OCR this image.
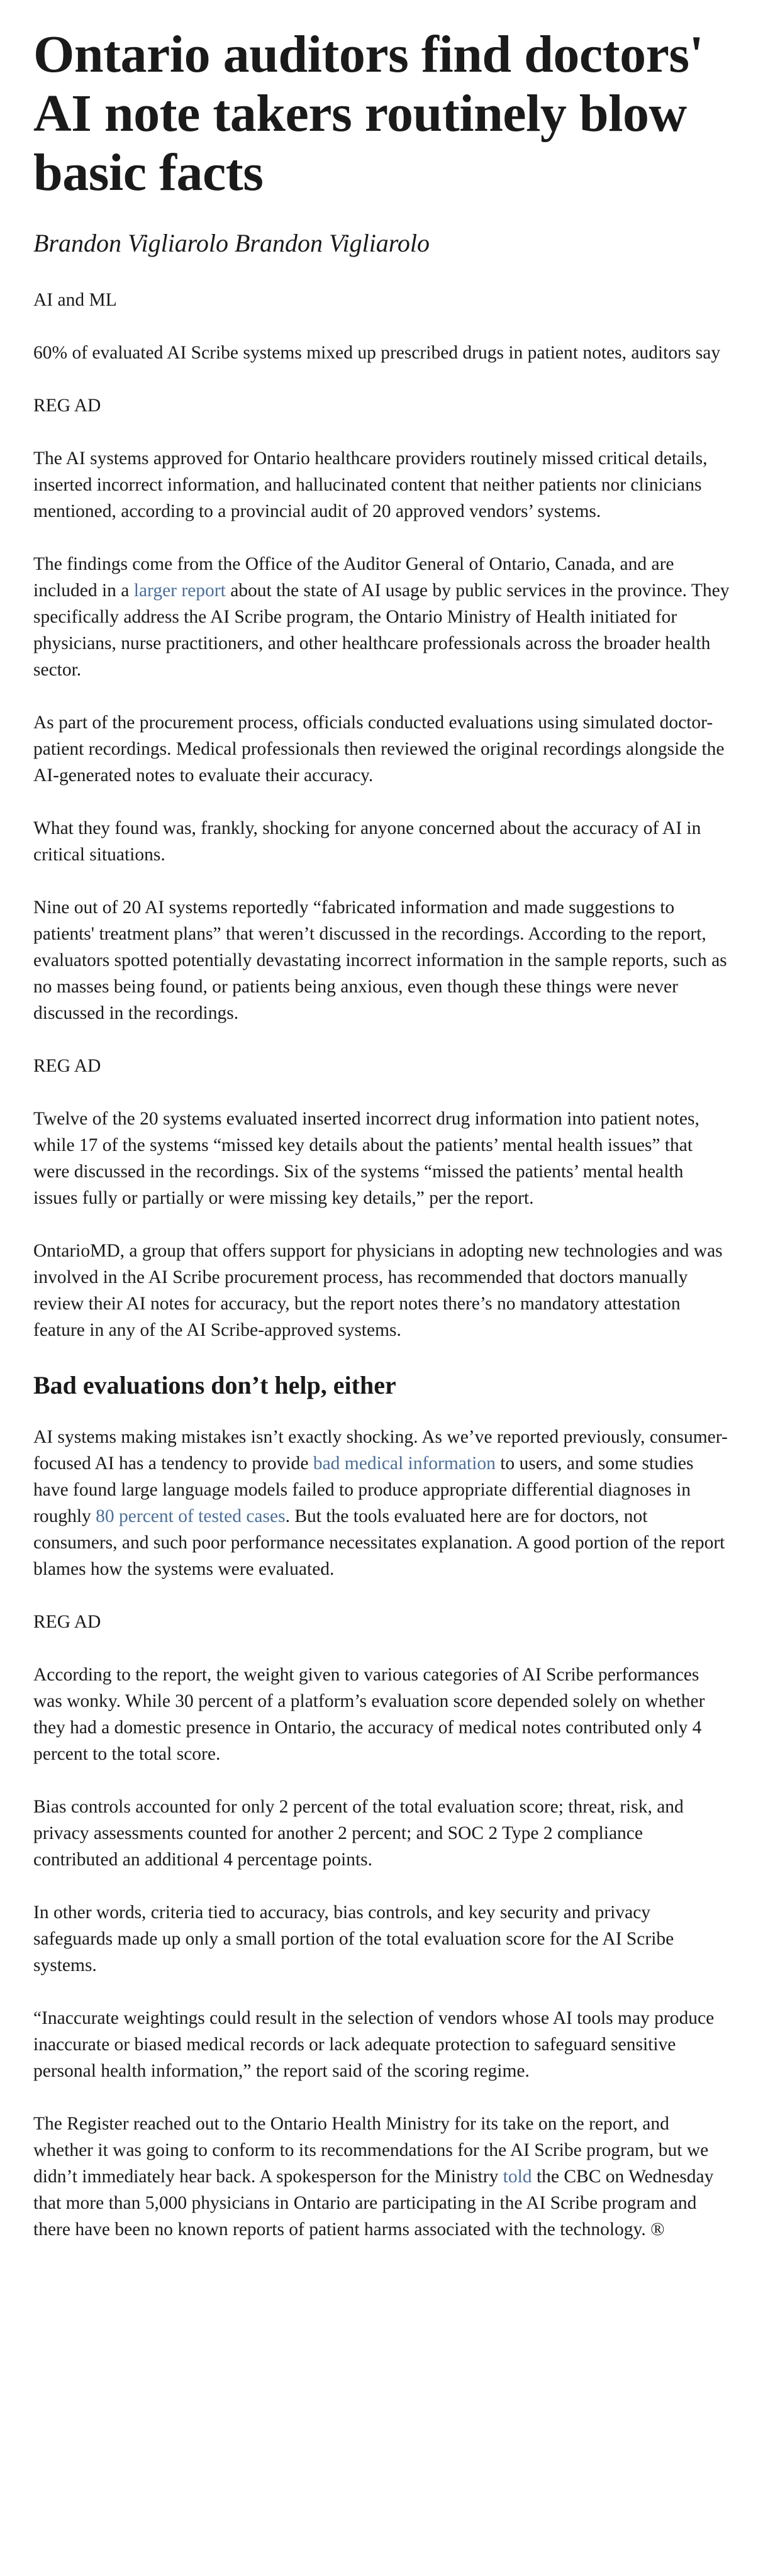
Ontario auditors find doctors' AI note takers routinely blow basic facts
Brandon Vigliarolo Brandon Vigliarolo

AI and ML

60% of evaluated AI Scribe systems mixed up prescribed drugs in patient notes, auditors say

REG AD

The AI systems approved for Ontario healthcare providers routinely missed critical details, inserted incorrect information, and hallucinated content that neither patients nor clinicians mentioned, according to a provincial audit of 20 approved vendors’ systems.

The findings come from the Office of the Auditor General of Ontario, Canada, and are included in a larger report about the state of AI usage by public services in the province. They specifically address the AI Scribe program, the Ontario Ministry of Health initiated for physicians, nurse practitioners, and other healthcare professionals across the broader health sector.

As part of the procurement process, officials conducted evaluations using simulated doctor-patient recordings. Medical professionals then reviewed the original recordings alongside the AI-generated notes to evaluate their accuracy.

What they found was, frankly, shocking for anyone concerned about the accuracy of AI in critical situations.

Nine out of 20 AI systems reportedly “fabricated information and made suggestions to patients' treatment plans” that weren’t discussed in the recordings. According to the report, evaluators spotted potentially devastating incorrect information in the sample reports, such as no masses being found, or patients being anxious, even though these things were never discussed in the recordings.

REG AD

Twelve of the 20 systems evaluated inserted incorrect drug information into patient notes, while 17 of the systems “missed key details about the patients’ mental health issues” that were discussed in the recordings. Six of the systems “missed the patients’ mental health issues fully or partially or were missing key details,” per the report.

OntarioMD, a group that offers support for physicians in adopting new technologies and was involved in the AI Scribe procurement process, has recommended that doctors manually review their AI notes for accuracy, but the report notes there’s no mandatory attestation feature in any of the AI Scribe-approved systems.

Bad evaluations don’t help, either

AI systems making mistakes isn’t exactly shocking. As we’ve reported previously, consumer-focused AI has a tendency to provide bad medical information to users, and some studies have found large language models failed to produce appropriate differential diagnoses in roughly 80 percent of tested cases. But the tools evaluated here are for doctors, not consumers, and such poor performance necessitates explanation. A good portion of the report blames how the systems were evaluated.

REG AD

According to the report, the weight given to various categories of AI Scribe performances was wonky. While 30 percent of a platform’s evaluation score depended solely on whether they had a domestic presence in Ontario, the accuracy of medical notes contributed only 4 percent to the total score.

Bias controls accounted for only 2 percent of the total evaluation score; threat, risk, and privacy assessments counted for another 2 percent; and SOC 2 Type 2 compliance contributed an additional 4 percentage points.

In other words, criteria tied to accuracy, bias controls, and key security and privacy safeguards made up only a small portion of the total evaluation score for the AI Scribe systems.

“Inaccurate weightings could result in the selection of vendors whose AI tools may produce inaccurate or biased medical records or lack adequate protection to safeguard sensitive personal health information,” the report said of the scoring regime.

The Register reached out to the Ontario Health Ministry for its take on the report, and whether it was going to conform to its recommendations for the AI Scribe program, but we didn’t immediately hear back. A spokesperson for the Ministry told the CBC on Wednesday that more than 5,000 physicians in Ontario are participating in the AI Scribe program and there have been no known reports of patient harms associated with the technology. ®
